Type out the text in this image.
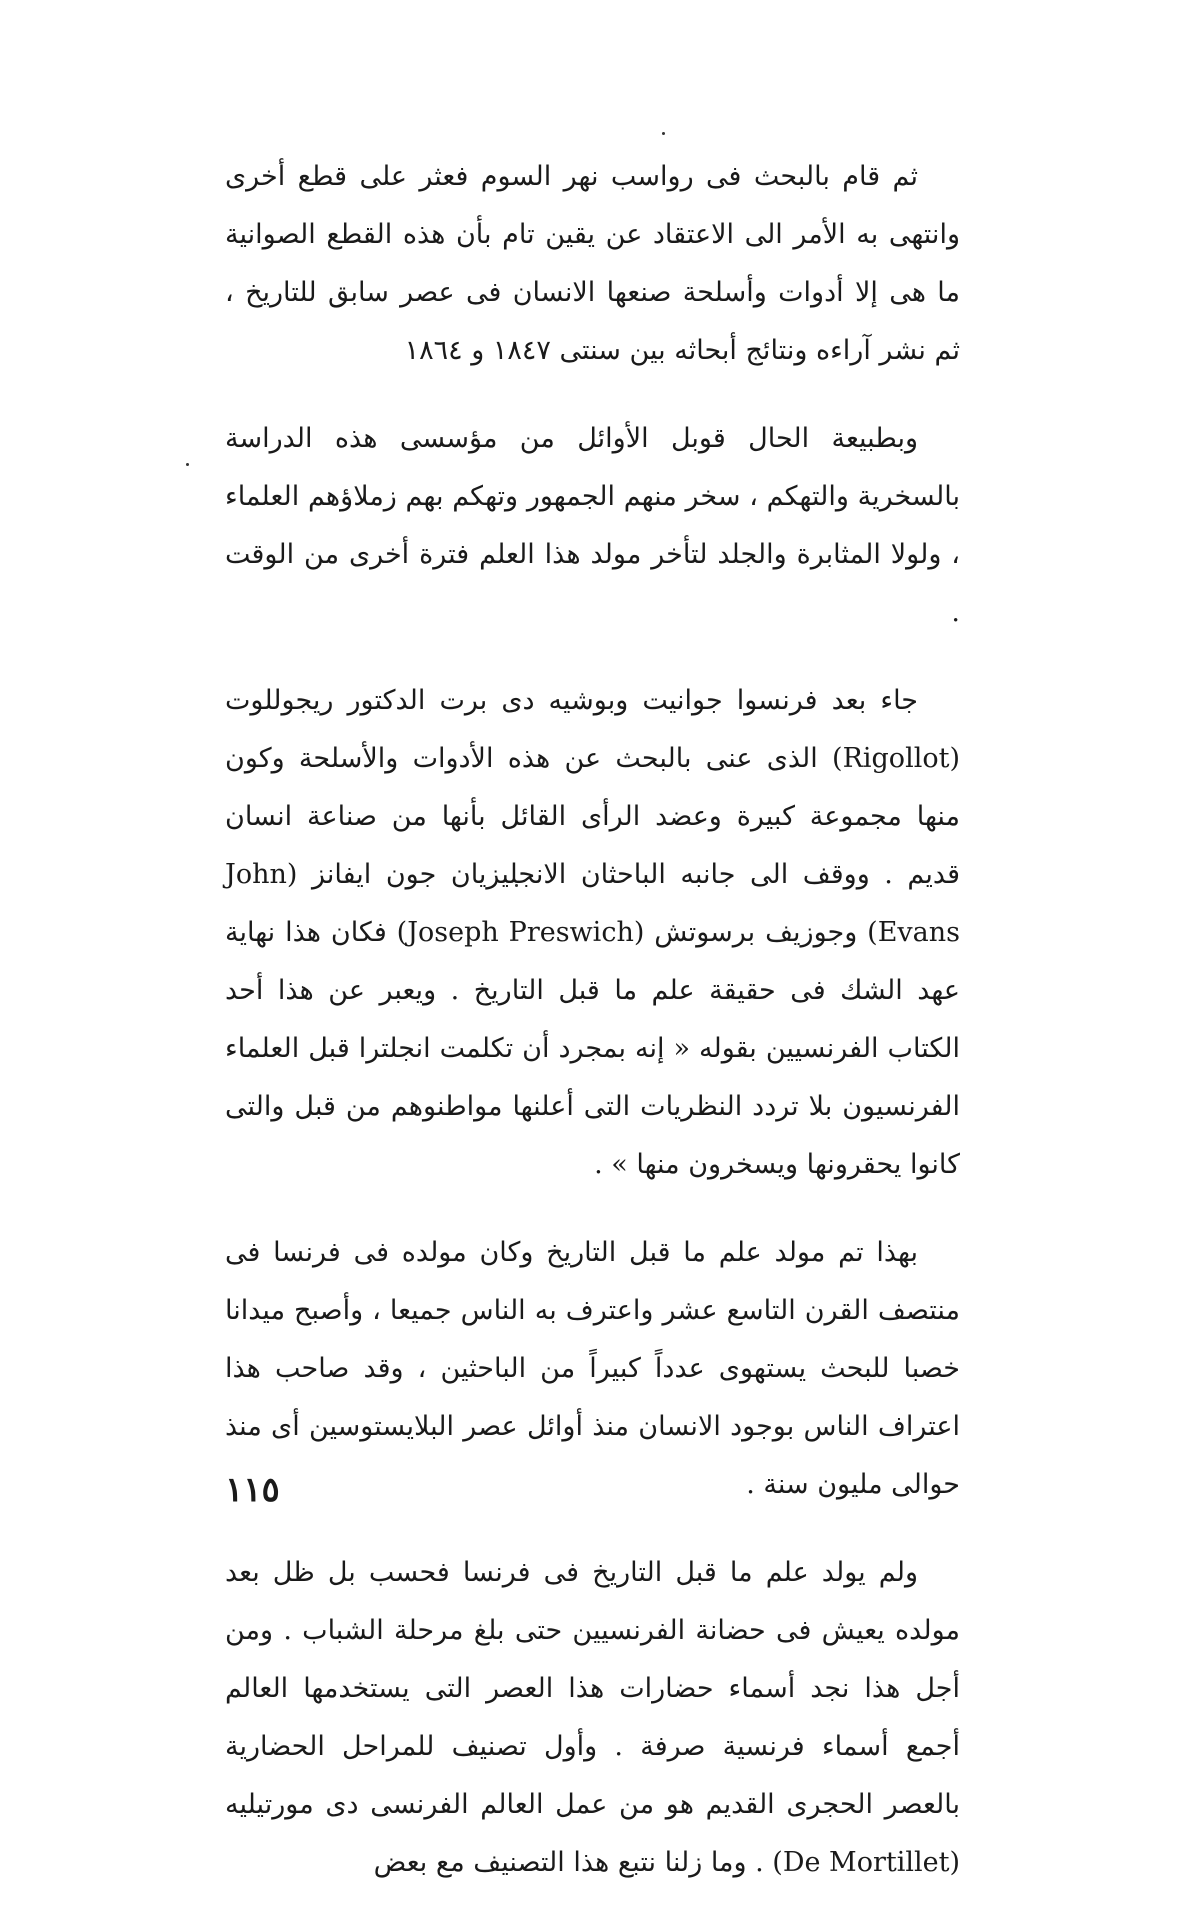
ثم قام بالبحث فى رواسب نهر السوم فعثر على قطع أخرى وانتهى به الأمر الى الاعتقاد عن يقين تام بأن هذه القطع الصوانية ما هى إلا أدوات وأسلحة صنعها الانسان فى عصر سابق للتاريخ ، ثم نشر آراءه ونتائج أبحاثه بين سنتى ١٨٤٧ و ١٨٦٤

وبطبيعة الحال قوبل الأوائل من مؤسسى هذه الدراسة بالسخرية والتهكم ، سخر منهم الجمهور وتهكم بهم زملاؤهم العلماء ، ولولا المثابرة والجلد لتأخر مولد هذا العلم فترة أخرى من الوقت .

جاء بعد فرنسوا جوانيت وبوشيه دى برت الدكتور ريجوللوت (Rigollot) الذى عنى بالبحث عن هذه الأدوات والأسلحة وكون منها مجموعة كبيرة وعضد الرأى القائل بأنها من صناعة انسان قديم . ووقف الى جانبه الباحثان الانجليزيان جون ايفانز (John Evans) وجوزيف برسوتش (Joseph Preswich) فكان هذا نهاية عهد الشك فى حقيقة علم ما قبل التاريخ . ويعبر عن هذا أحد الكتاب الفرنسيين بقوله « إنه بمجرد أن تكلمت انجلترا قبل العلماء الفرنسيون بلا تردد النظريات التى أعلنها مواطنوهم من قبل والتى كانوا يحقرونها ويسخرون منها » .

بهذا تم مولد علم ما قبل التاريخ وكان مولده فى فرنسا فى منتصف القرن التاسع عشر واعترف به الناس جميعا ، وأصبح ميدانا خصبا للبحث يستهوى عدداً كبيراً من الباحثين ، وقد صاحب هذا اعتراف الناس بوجود الانسان منذ أوائل عصر البلايستوسين أى منذ حوالى مليون سنة .

ولم يولد علم ما قبل التاريخ فى فرنسا فحسب بل ظل بعد مولده يعيش فى حضانة الفرنسيين حتى بلغ مرحلة الشباب . ومن أجل هذا نجد أسماء حضارات هذا العصر التى يستخدمها العالم أجمع أسماء فرنسية صرفة . وأول تصنيف للمراحل الحضارية بالعصر الحجرى القديم هو من عمل العالم الفرنسى دى مورتيليه (De Mortillet) . وما زلنا نتبع هذا التصنيف مع بعض

١١٥
